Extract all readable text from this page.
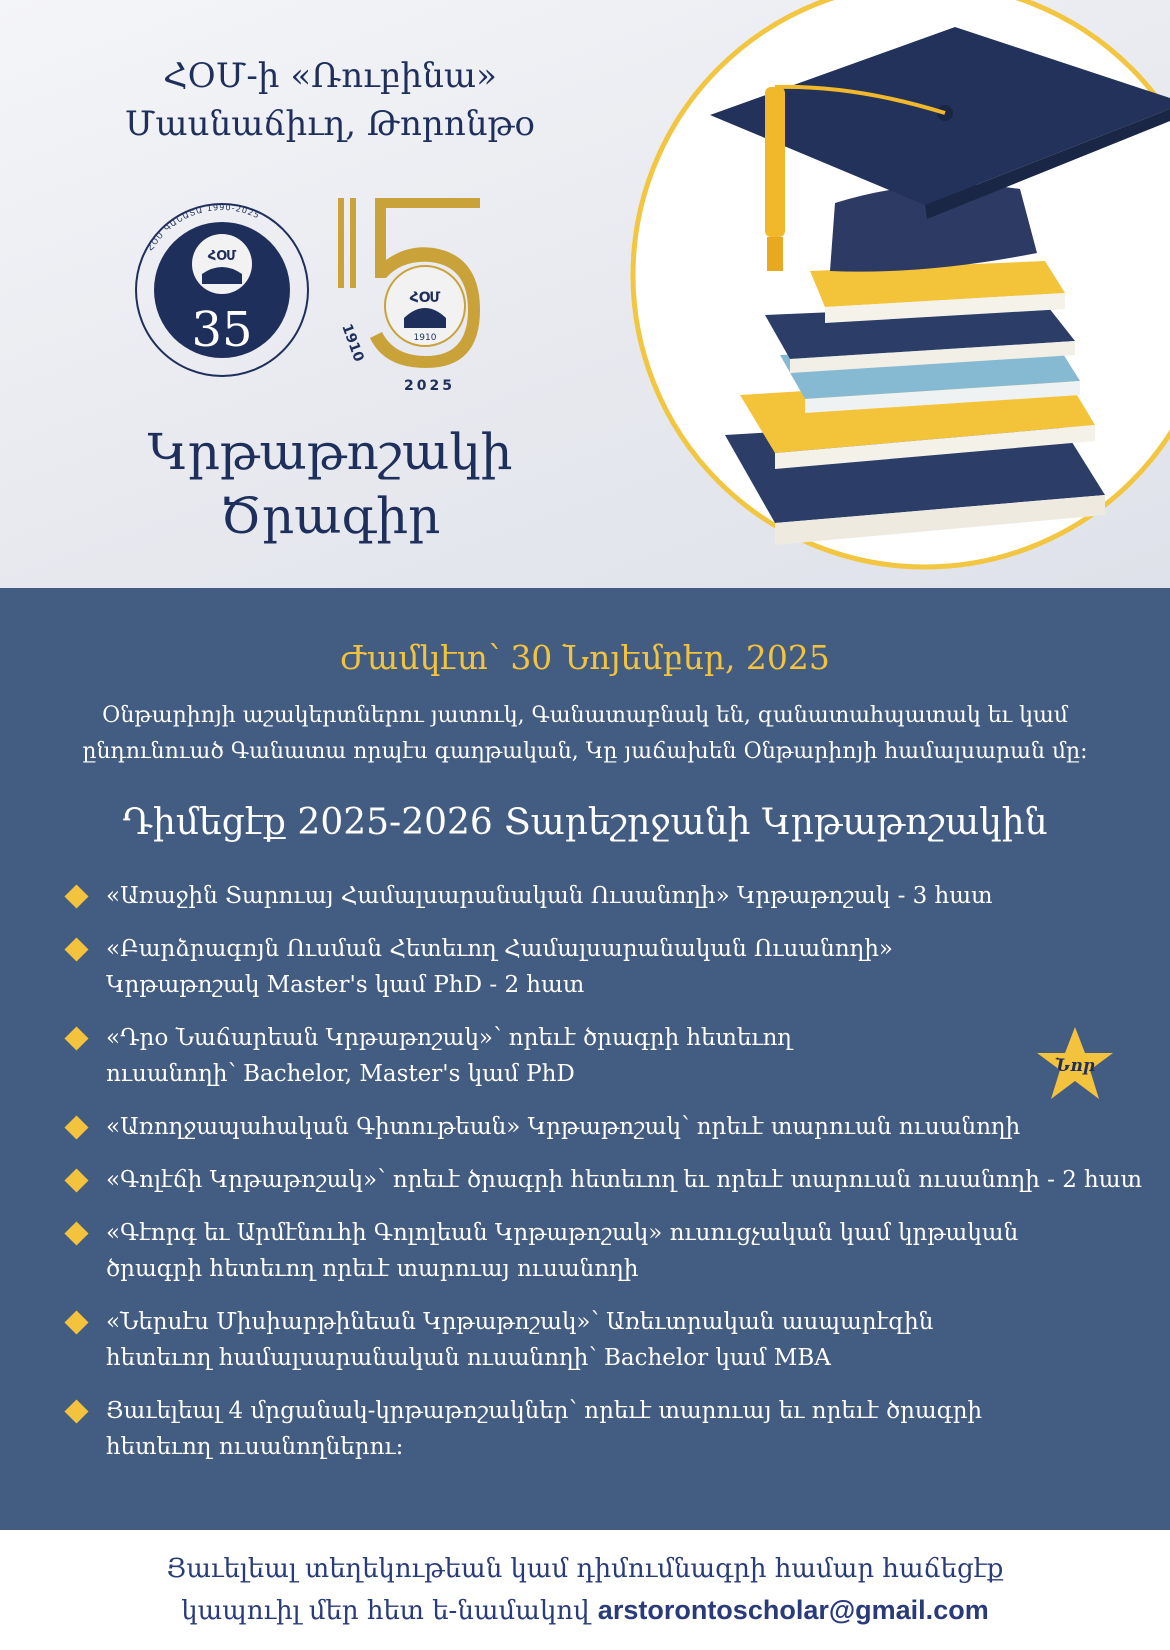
ՀՕՄ-ի «Ռուբինա»
Մասնաճիւղ, Թորոնթօ
ՀՕՄ ԳԱՆԱՏԱ 1990-2025
ՀՕՄ
35
ՀՕՄ
1910
1910
2025
Կրթաթոշակի
Ծրագիր
Ժամկէտ՝ 30 Նոյեմբեր, 2025
Օնթարիոյի աշակերտներու յատուկ, Գանատաբնակ են, զանատահպատակ եւ կամ ընդունուած Գանատա որպէս գաղթական, Կը յաճախեն Օնթարիոյի համալսարան մը:
Դիմեցէք 2025-2026 Տարեշրջանի Կրթաթոշակին
«Առաջին Տարուայ Համալսարանական Ուսանողի» Կրթաթոշակ - 3 հատ
«Բարձրագոյն Ուսման Հետեւող Համալսարանական Ուսանողի»
Կրթաթոշակ Master's կամ PhD - 2 հատ
«Դրօ Նաճարեան Կրթաթոշակ»՝ որեւէ ծրագրի հետեւող
ուսանողի՝ Bachelor, Master's կամ PhD
«Առողջապահական Գիտութեան» Կրթաթոշակ՝ որեւէ տարուան ուսանողի
«Գոլէճի Կրթաթոշակ»՝ որեւէ ծրագրի հետեւող եւ որեւէ տարուան ուսանողի - 2 հատ
«Գէորգ եւ Արմէնուհի Գոլոլեան Կրթաթոշակ» ուսուցչական կամ կրթական
ծրագրի հետեւող որեւէ տարուայ ուսանողի
«Ներսէս Միսիարթինեան Կրթաթոշակ»՝ Առեւտրական ասպարէզին
հետեւող համալսարանական ուսանողի՝ Bachelor կամ MBA
Յաւելեալ 4 մրցանակ-կրթաթոշակներ՝ որեւէ տարուայ եւ որեւէ ծրագրի
հետեւող ուսանողներու:
Նոր
Յաւելեալ տեղեկութեան կամ դիմումնագրի համար հաճեցէք
կապուիլ մեր հետ ե-նամակով arstorontoscholar@gmail.com
